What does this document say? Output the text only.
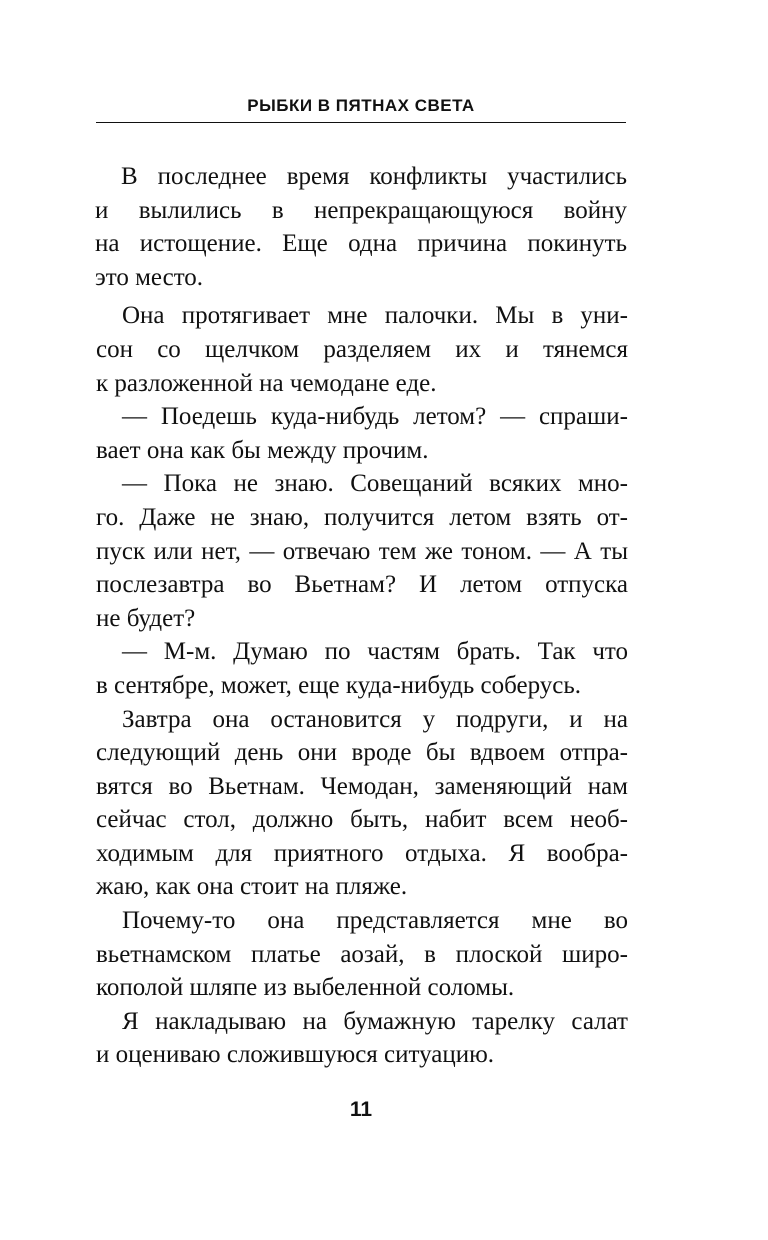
РЫБКИ В ПЯТНАХ СВЕТА
В последнее время конфликты участились
и вылились в непрекращающуюся войну
на истощение. Еще одна причина покинуть
это место.
Она протягивает мне палочки. Мы в уни-
сон со щелчком разделяем их и тянемся
к разложенной на чемодане еде.
— Поедешь куда-нибудь летом? — спраши-
вает она как бы между прочим.
— Пока не знаю. Совещаний всяких мно-
го. Даже не знаю, получится летом взять от-
пуск или нет, — отвечаю тем же тоном. — А ты
послезавтра во Вьетнам? И летом отпуска
не будет?
— М-м. Думаю по частям брать. Так что
в сентябре, может, еще куда-нибудь соберусь.
Завтра она остановится у подруги, и на
следующий день они вроде бы вдвоем отпра-
вятся во Вьетнам. Чемодан, заменяющий нам
сейчас стол, должно быть, набит всем необ-
ходимым для приятного отдыха. Я вообра-
жаю, как она стоит на пляже.
Почему-то она представляется мне во
вьетнамском платье аозай, в плоской широ-
кополой шляпе из выбеленной соломы.
Я накладываю на бумажную тарелку салат
и оцениваю сложившуюся ситуацию.
11
